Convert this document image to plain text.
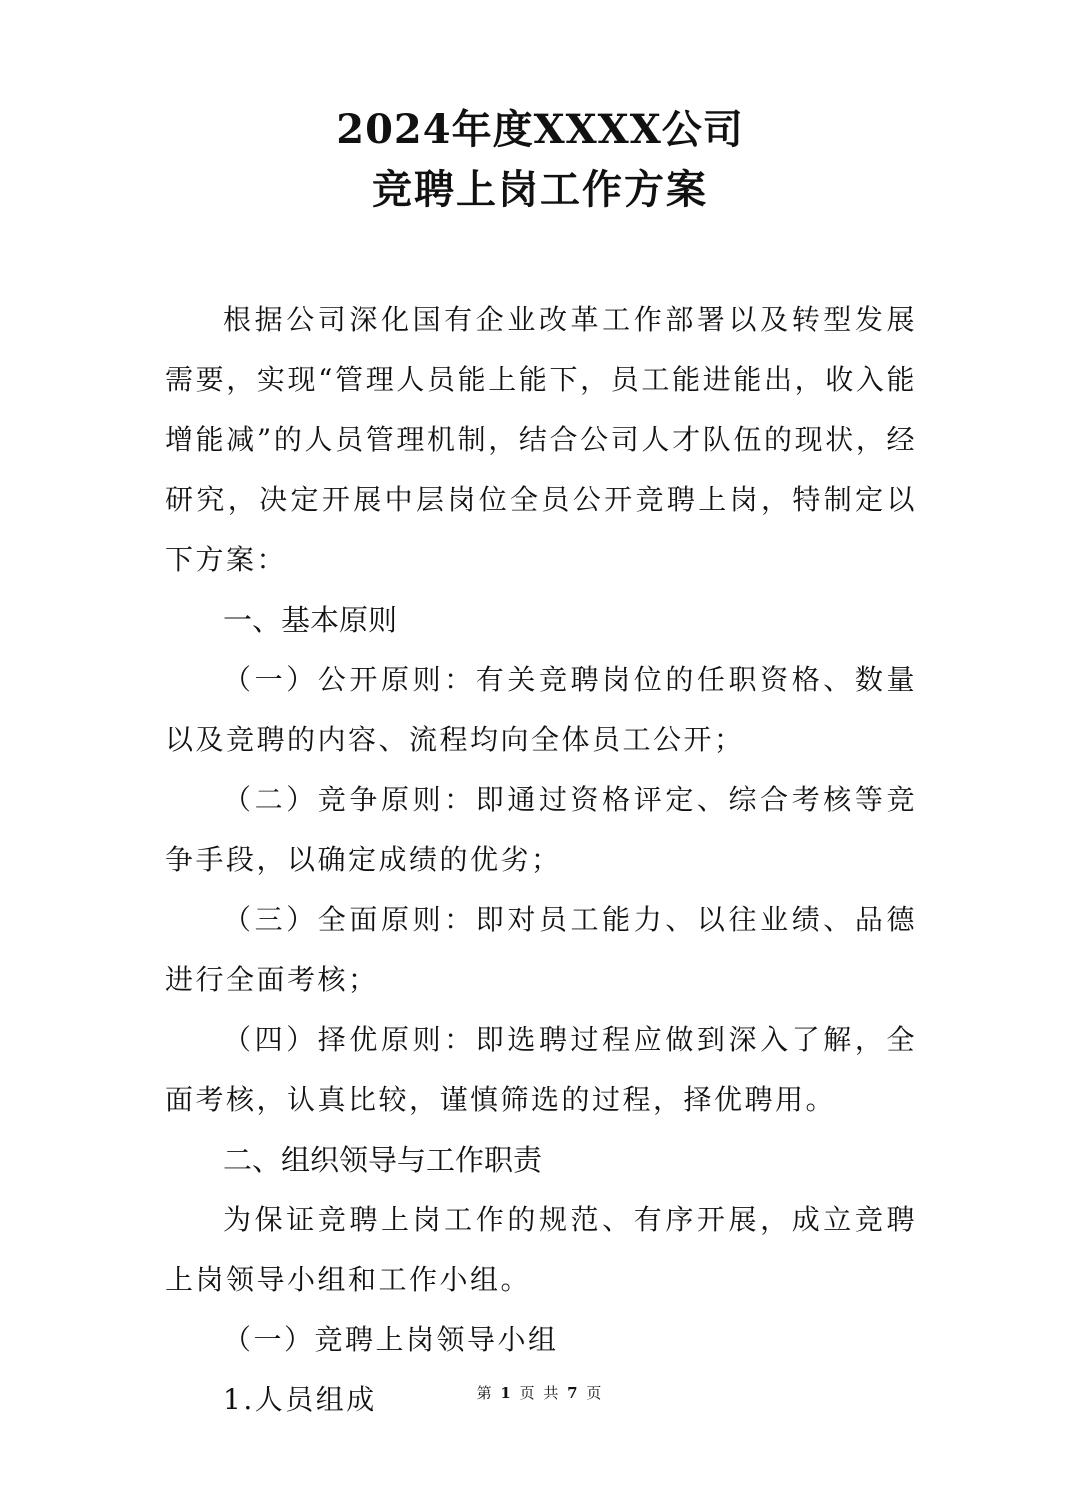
2024年度XXXX公司
竞聘上岗工作方案

根据公司深化国有企业改革工作部署以及转型发展需要，实现“管理人员能上能下，员工能进能出，收入能增能减”的人员管理机制，结合公司人才队伍的现状，经研究，决定开展中层岗位全员公开竞聘上岗，特制定以下方案：

一、基本原则

（一）公开原则：有关竞聘岗位的任职资格、数量以及竞聘的内容、流程均向全体员工公开；

（二）竞争原则：即通过资格评定、综合考核等竞争手段，以确定成绩的优劣；

（三）全面原则：即对员工能力、以往业绩、品德进行全面考核；

（四）择优原则：即选聘过程应做到深入了解，全面考核，认真比较，谨慎筛选的过程，择优聘用。

二、组织领导与工作职责

为保证竞聘上岗工作的规范、有序开展，成立竞聘上岗领导小组和工作小组。

（一）竞聘上岗领导小组

1.人员组成	第 1 页 共 7 页
